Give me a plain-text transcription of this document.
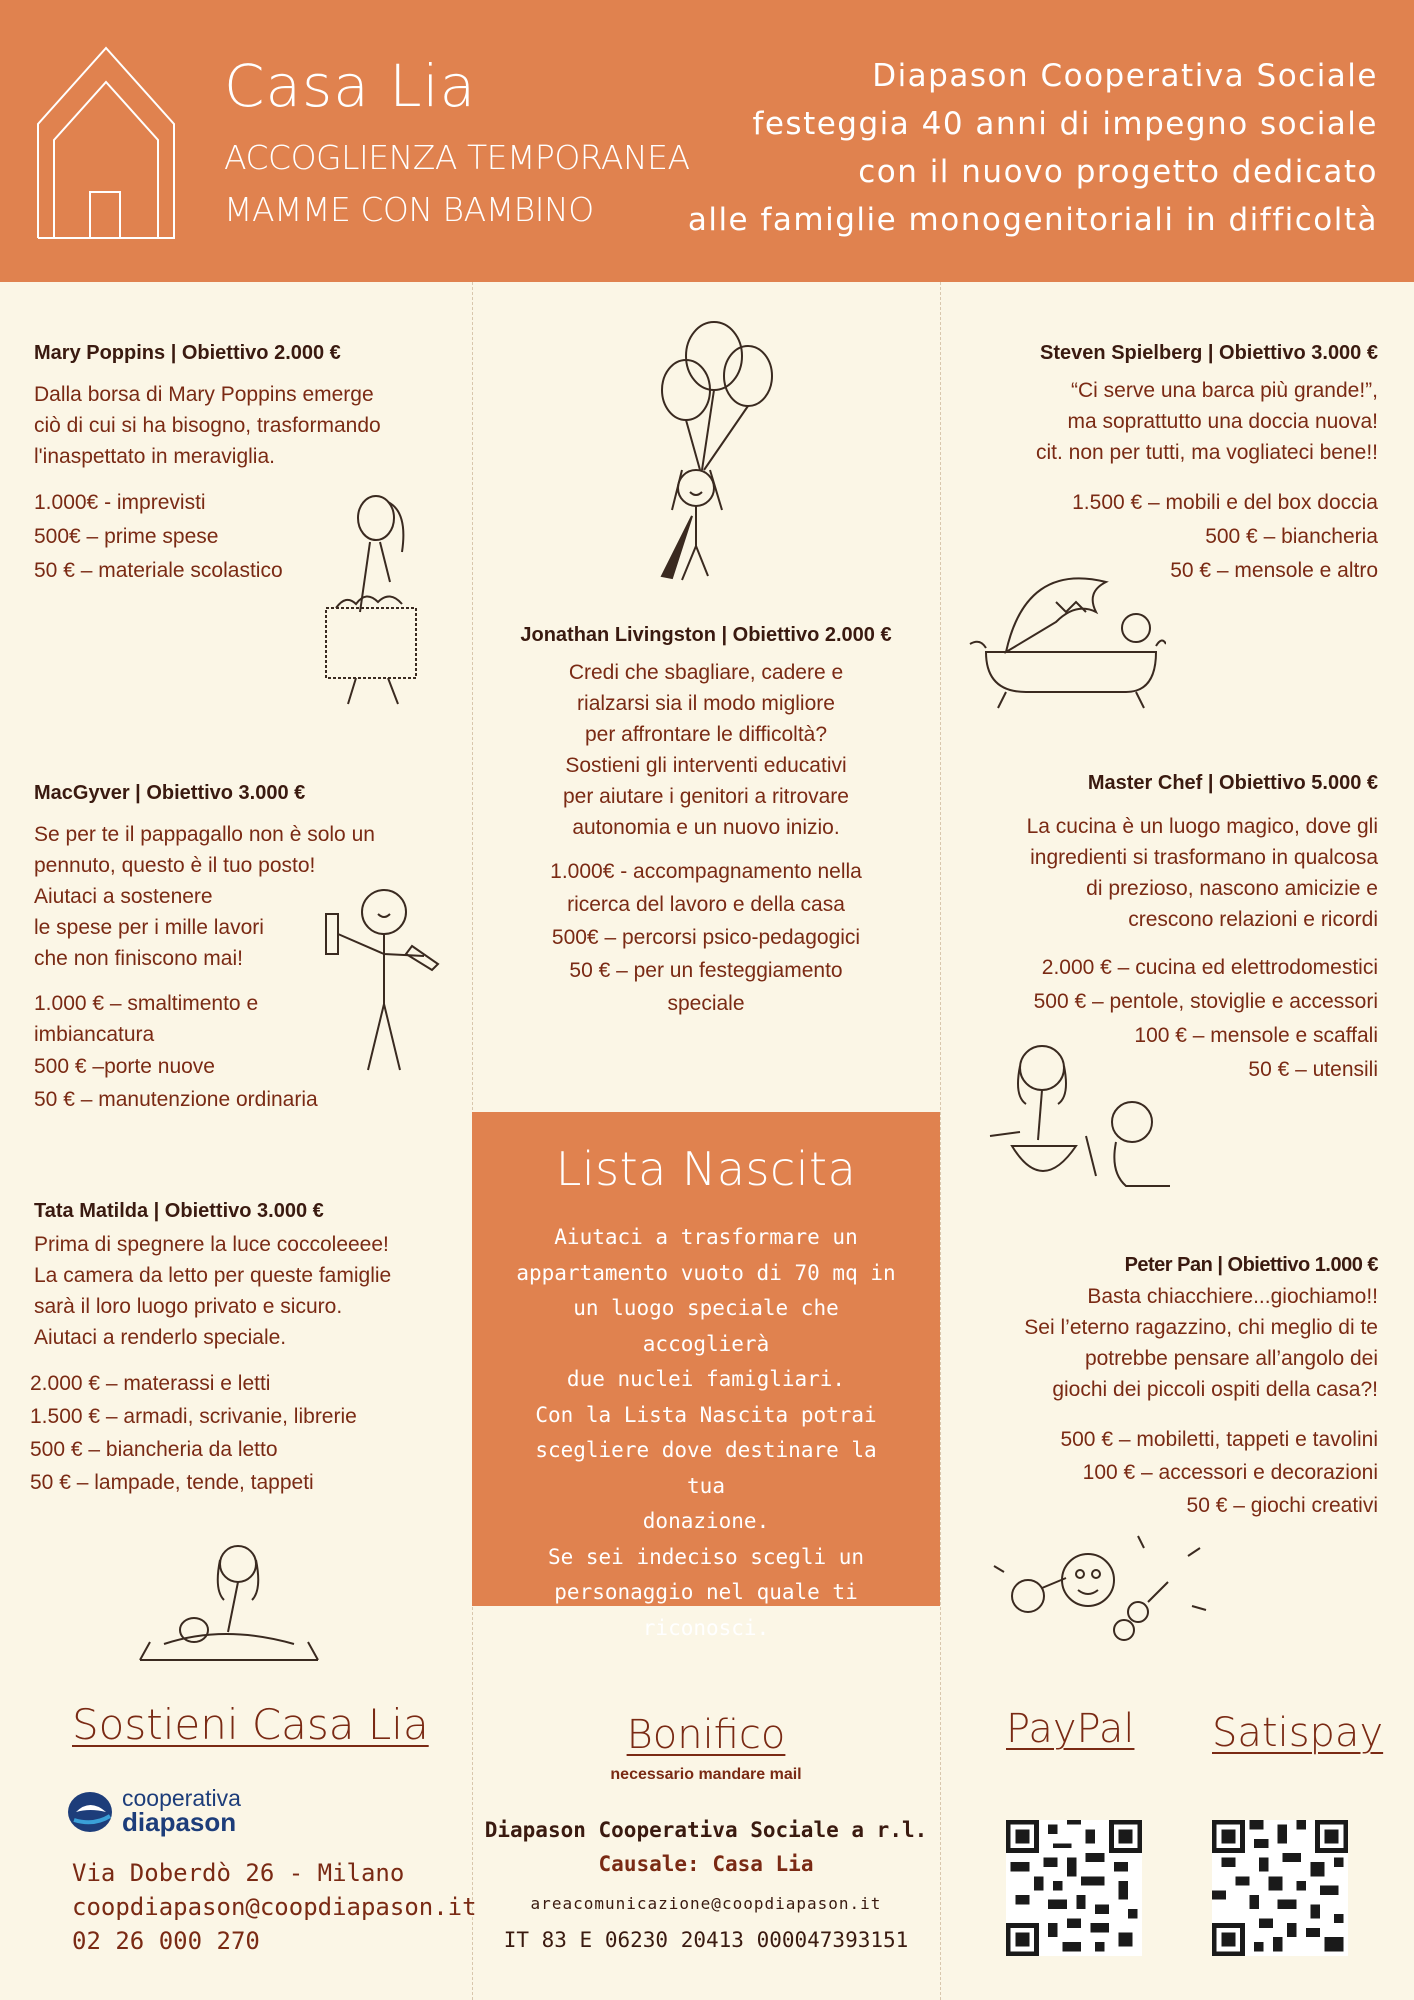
Casa Lia
ACCOGLIENZA TEMPORANEA
MAMME CON BAMBINO
Diapason Cooperativa Sociale
festeggia 40 anni di impegno sociale
con il nuovo progetto dedicato
alle famiglie monogenitoriali in difficoltà
Mary Poppins | Obiettivo 2.000 €

Dalla borsa di Mary Poppins emerge
ciò di cui si ha bisogno, trasformando
l'inaspettato in meraviglia.

1.000€ - imprevisti
500€ – prime spese
50 € – materiale scolastico
MacGyver | Obiettivo 3.000 €

Se per te il pappagallo non è solo un
pennuto, questo è il tuo posto!
Aiutaci a sostenere
le spese per i mille lavori
che non finiscono mai!

1.000 € – smaltimento e
imbiancatura
500 € –porte nuove
50 € – manutenzione ordinaria
Tata Matilda | Obiettivo 3.000 €

Prima di spegnere la luce coccoleeee!
La camera da letto per queste famiglie
sarà il loro luogo privato e sicuro.
Aiutaci a renderlo speciale.

2.000 € – materassi e letti
1.500 € – armadi, scrivanie, librerie
500 € – biancheria da letto
50 € – lampade, tende, tappeti
Jonathan Livingston | Obiettivo 2.000 €

Credi che sbagliare, cadere e
rialzarsi sia il modo migliore
per affrontare le difficoltà?
Sostieni gli interventi educativi
per aiutare i genitori a ritrovare
autonomia e un nuovo inizio.

1.000€ - accompagnamento nella
ricerca del lavoro e della casa
500€ – percorsi psico-pedagogici
50 € – per un festeggiamento
speciale
Lista Nascita
Aiutaci a trasformare un
appartamento vuoto di 70 mq in
un luogo speciale che accoglierà
due nuclei famigliari.
Con la Lista Nascita potrai
scegliere dove destinare la tua
donazione.
Se sei indeciso scegli un
personaggio nel quale ti
riconosci.
Steven Spielberg | Obiettivo 3.000 €

“Ci serve una barca più grande!”,
ma soprattutto una doccia nuova!
cit. non per tutti, ma vogliateci bene!!

1.500 € – mobili e del box doccia
500 € – biancheria
50 € – mensole e altro
Master Chef | Obiettivo 5.000 €

La cucina è un luogo magico, dove gli
ingredienti si trasformano in qualcosa
di prezioso, nascono amicizie e
crescono relazioni e ricordi

2.000 € – cucina ed elettrodomestici
500 € – pentole, stoviglie e accessori
100 € – mensole e scaffali
50 € – utensili
Peter Pan | Obiettivo 1.000 €

Basta chiacchiere...giochiamo!!
Sei l’eterno ragazzino, chi meglio di te
potrebbe pensare all’angolo dei
giochi dei piccoli ospiti della casa?!

500 € – mobiletti, tappeti e tavolini
100 € – accessori e decorazioni
50 € – giochi creativi
Sostieni Casa Lia
cooperativa
diapason
Via Doberdò 26 - Milano
coopdiapason@coopdiapason.it
02 26 000 270
Bonifico
necessario mandare mail
Diapason Cooperativa Sociale a r.l.
Causale: Casa Lia
areacomunicazione@coopdiapason.it
IT 83 E 06230 20413 000047393151
PayPal Satispay
